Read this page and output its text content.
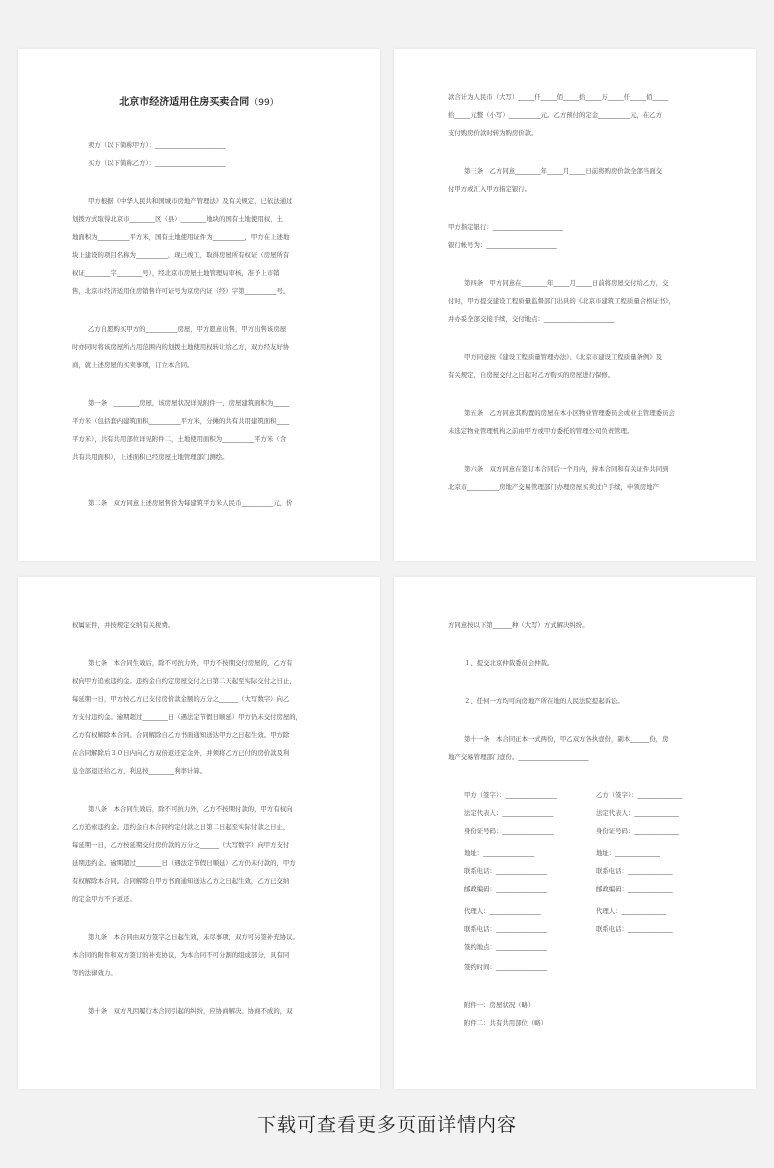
北京市经济适用住房买卖合同（99）
卖方（以下简称甲方）：______________________
买方（以下简称乙方）：______________________
甲方根据《中华人民共和国城市房地产管理法》及有关规定，已依法通过
划拨方式取得北京市________区（县）________地块的国有土地使用权，土
地面积为__________平方米，国有土地使用证件为__________，甲方在上述地
块上建设的项目名称为__________，现已竣工，取得房屋所有权证（房屋所有
权证________字________号），经北京市房屋土地管理局审核，准予上市销
售，北京市经济适用住房销售许可证号为京房内证（经）字第__________号。
乙方自愿购买甲方的__________房屋，甲方愿意出售，甲方出售该房屋
时亦同时将该房屋所占用范围内的划拨土地使用权转让给乙方，双方经友好协
商，就上述房屋的买卖事项，订立本合同。
第一条　________房屋，该房屋状况详见附件一，房屋建筑面积为_____
平方米（包括套内建筑面积__________平方米，分摊的共有共用建筑面积____
平方米），共有共用部位详见附件二，土地使用面积为__________平方米（含
共有共用面积），上述面积已经房屋土地管理部门测绘。
第二条　双方同意上述房屋售价为每建筑平方米人民币__________元，价
款合计为人民币（大写）_____仟_____佰_____拾_____万_____仟_____佰_____
拾_____元整（小写）__________元。乙方预付的定金__________元，在乙方
支付购房价款时转为购房价款。
第三条　乙方同意________年_____月_____日前将购房价款全部当面交
付甲方或汇入甲方指定银行。
甲方指定银行：______________________
银行帐号为：______________________
第四条　甲方同意在________年_____月_____日前将房屋交付给乙方，交
付时，甲方提交建设工程质量监督部门出具的《北京市建筑工程质量合格证书》，
并办妥全部交接手续，交付地点：______________________
甲方同意按《建设工程质量管理办法》、《北京市建设工程质量条例》及
有关规定，自房屋交付之日起对乙方购买的房屋进行保修。
第五条　乙方同意其购置的房屋在本小区物业管理委员会或业主管理委员会
未选定物业管理机构之前由甲方或甲方委托的管理公司负责管理。
第六条　双方同意在签订本合同后一个月内，持本合同和有关证件共同到
北京市__________房地产交易管理部门办理房屋买卖过户手续，申领房地产
权属证件，并按规定交纳有关税费。
第七条　本合同生效后，除不可抗力外，甲方不按期交付房屋的，乙方有
权向甲方追索违约金。违约金自约定房屋交付之日第二天起至实际交付之日止，
每延期一日，甲方按乙方已支付房价款金额的万分之______（大写数字）向乙
方支付违约金。逾期超过________日（遇法定节假日顺延）甲方仍未交付房屋的，
乙方有权解除本合同。合同解除自乙方书面通知送达甲方之日起生效。甲方除
在合同解除后３０日内向乙方双倍返还定金外，并须将乙方已付的房价款及利
息全部退还给乙方，利息按________利率计算。
第八条　本合同生效后，除不可抗力外，乙方不按期付款的，甲方有权向
乙方追索违约金。违约金自本合同约定付款之日第二日起至实际付款之日止，
每延期一日，乙方按延期交付房价款的万分之______（大写数字）向甲方支付
延期违约金。逾期超过________日（遇法定节假日顺延）乙方仍未付款的，甲方
有权解除本合同。合同解除自甲方书面通知送达乙方之日起生效，乙方已交纳
的定金甲方不予返还。
第九条　本合同由双方签字之日起生效，未尽事项，双方可另签补充协议。
本合同的附件和双方签订的补充协议，为本合同不可分割的组成部分，具有同
等的法律效力。
第十条　双方凡因履行本合同引起的纠纷，应协商解决。协商不成的，双
方同意按以下第______种（大写）方式解决纠纷。
１、提交北京仲裁委员会仲裁。
２、任何一方均可向房地产所在地的人民法院提起诉讼。
第十一条　本合同正本一式两份，甲乙双方各执壹份，副本______份，房
地产交易管理部门壹份。______________________
甲方（签字）：________________	乙方（签字）：______________
法定代表人：________________	法定代表人：______________
身份证号码：________________	身份证号码：______________
地址：________________	地址：______________
联系电话：________________	联系电话：______________
邮政编码：________________	邮政编码：______________
代理人：________________	代理人：______________
联系电话：________________	联系电话：______________
签约地点：________________
签约时间：________________
附件一：房屋状况（略）
附件二：共有共用部位（略）
下载可查看更多页面详情内容
